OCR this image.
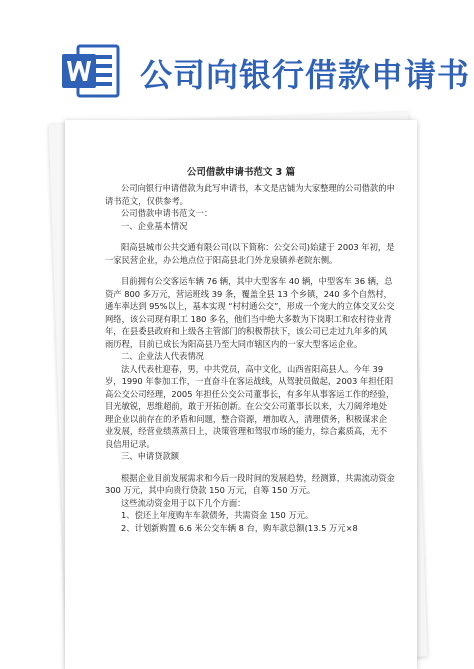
公司向银行借款申请书
公司借款申请书范文 3 篇

公司向银行申请借款为此写申请书，本文是店铺为大家整理的公司借款的申请书范文，仅供参考。

公司借款申请书范文一：

一、企业基本情况

阳高县城市公共交通有限公司(以下简称：公交公司)始建于 2003 年初，是一家民营企业，办公地点位于阳高县北门外龙泉镇养老院东侧。

目前拥有公交客运车辆 76 辆，其中大型客车 40 辆，中型客车 36 辆，总资产 800 多万元，营运班线 39 条，覆盖全县 13 个乡镇，240 多个自然村，通车率达到 95%以上，基本实现 “村村通公交”，形成一个宠大的立体交叉公交网络，该公司现有职工 180 多名，他们当中绝大多数为下岗职工和农村待业青年，在县委县政府和上级各主管部门的积极帮扶下，该公司已走过九年多的风雨历程，目前已成长为阳高县乃至大同市辖区内的一家大型客运企业。

二、企业法人代表情况

法人代表杜迎春，男，中共党员，高中文化，山西省阳高县人。今年 39 岁，1990 年参加工作，一直奋斗在客运战线，从驾驶员做起，2003 年担任阳高公交公司经理，2005 年担任公交公司董事长，有多年从事客运工作的经验，目光敏锐，思维超前，敢于开拓创新。在公交公司董事长以来，大刀阔斧地处理企业以前存在的矛盾和问题，整合资源，增加收入，清理债务，积极谋求企业发展，经营业绩蒸蒸日上，决策管理和驾驭市场的能力，综合素质高，无不良信用记录。

三、申请贷款额

根据企业目前发展需求和今后一段时间的发展趋势，经测算，共需流动资金 300 万元，其中向贵行贷款 150 万元，自筹 150 万元。

这些流动资金用于以下几个方面：

1、偿还上年度购车车款债务，共需资金 150 万元。

2、计划新购置 6.6 米公交车辆 8 台，购车款总额(13.5 万元×8
